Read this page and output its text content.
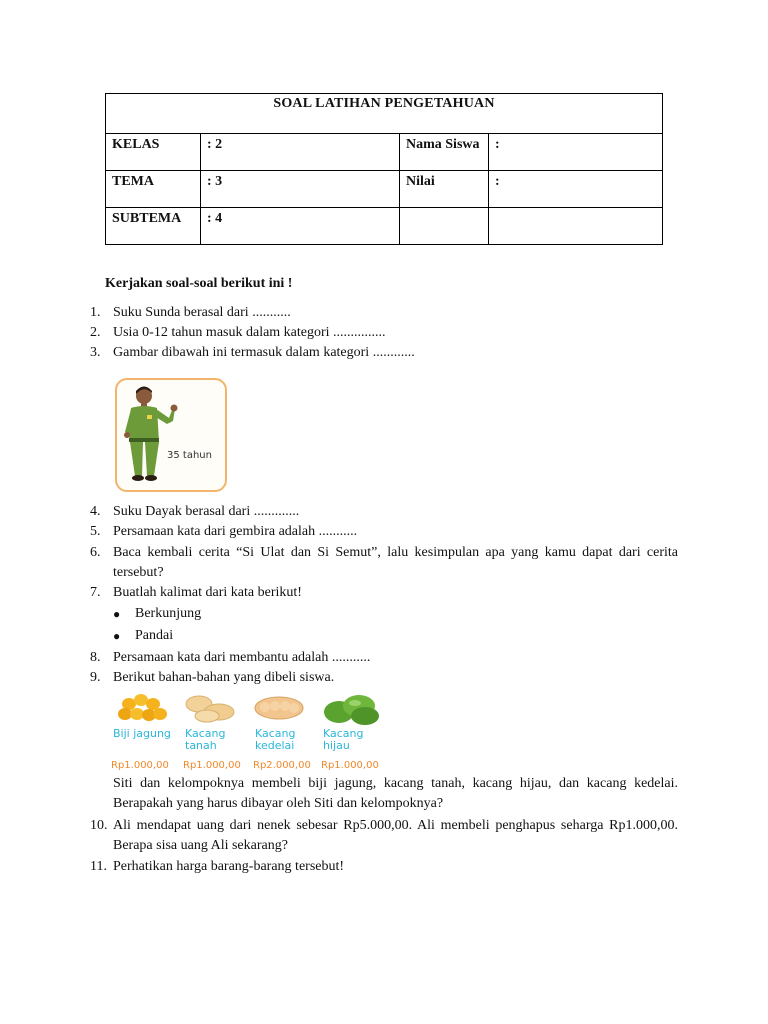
SOAL LATIHAN PENGETAHUAN			
KELAS	: 2	Nama Siswa	:
TEMA	: 3	Nilai	:
SUBTEMA	: 4		
Kerjakan soal-soal berikut ini !
1. Suku Sunda berasal dari ...........
2. Usia 0-12 tahun masuk dalam kategori ...............
3. Gambar dibawah ini termasuk dalam kategori ............
35 tahun
4. Suku Dayak berasal dari .............
5. Persamaan kata dari gembira adalah ...........
6. Baca kembali cerita “Si Ulat dan Si Semut”, lalu kesimpulan apa yang kamu dapat dari cerita tersebut?
7. Buatlah kalimat dari kata berikut!
● Berkunjung
● Pandai
8. Persamaan kata dari membantu adalah ...........
9. Berikut bahan-bahan yang dibeli siswa.
Biji jagung
Rp1.000,00
Kacang
tanah
Rp1.000,00
Kacang
kedelai
Rp2.000,00
Kacang
hijau
Rp1.000,00
Siti dan kelompoknya membeli biji jagung, kacang tanah, kacang hijau, dan kacang kedelai. Berapakah yang harus dibayar oleh Siti dan kelompoknya?
10. Ali mendapat uang dari nenek sebesar Rp5.000,00. Ali membeli penghapus seharga Rp1.000,00. Berapa sisa uang Ali sekarang?
11. Perhatikan harga barang-barang tersebut!
